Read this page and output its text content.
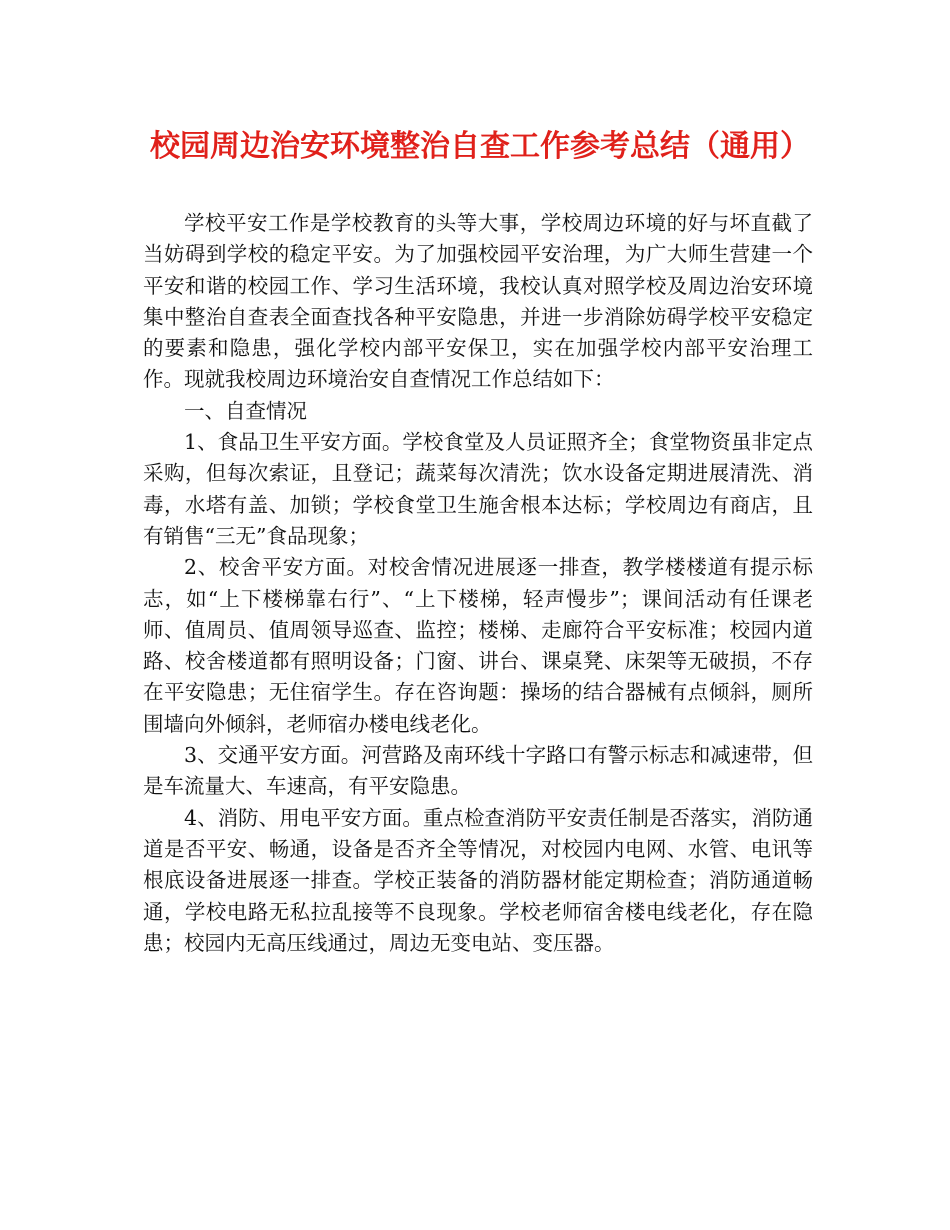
校园周边治安环境整治自查工作参考总结（通用）

学校平安工作是学校教育的头等大事，学校周边环境的好与坏直截了当妨碍到学校的稳定平安。为了加强校园平安治理，为广大师生营建一个平安和谐的校园工作、学习生活环境，我校认真对照学校及周边治安环境集中整治自查表全面查找各种平安隐患，并进一步消除妨碍学校平安稳定的要素和隐患，强化学校内部平安保卫，实在加强学校内部平安治理工作。现就我校周边环境治安自查情况工作总结如下：

一、自查情况

1、食品卫生平安方面。学校食堂及人员证照齐全；食堂物资虽非定点采购，但每次索证，且登记；蔬菜每次清洗；饮水设备定期进展清洗、消毒，水塔有盖、加锁；学校食堂卫生施舍根本达标；学校周边有商店，且有销售“三无”食品现象；

2、校舍平安方面。对校舍情况进展逐一排查，教学楼楼道有提示标志，如“上下楼梯靠右行”、“上下楼梯，轻声慢步”；课间活动有任课老师、值周员、值周领导巡查、监控；楼梯、走廊符合平安标准；校园内道路、校舍楼道都有照明设备；门窗、讲台、课桌凳、床架等无破损，不存在平安隐患；无住宿学生。存在咨询题：操场的结合器械有点倾斜，厕所围墙向外倾斜，老师宿办楼电线老化。

3、交通平安方面。河营路及南环线十字路口有警示标志和减速带，但是车流量大、车速高，有平安隐患。

4、消防、用电平安方面。重点检查消防平安责任制是否落实，消防通道是否平安、畅通，设备是否齐全等情况，对校园内电网、水管、电讯等根底设备进展逐一排查。学校正装备的消防器材能定期检查；消防通道畅通，学校电路无私拉乱接等不良现象。学校老师宿舍楼电线老化，存在隐患；校园内无高压线通过，周边无变电站、变压器。
